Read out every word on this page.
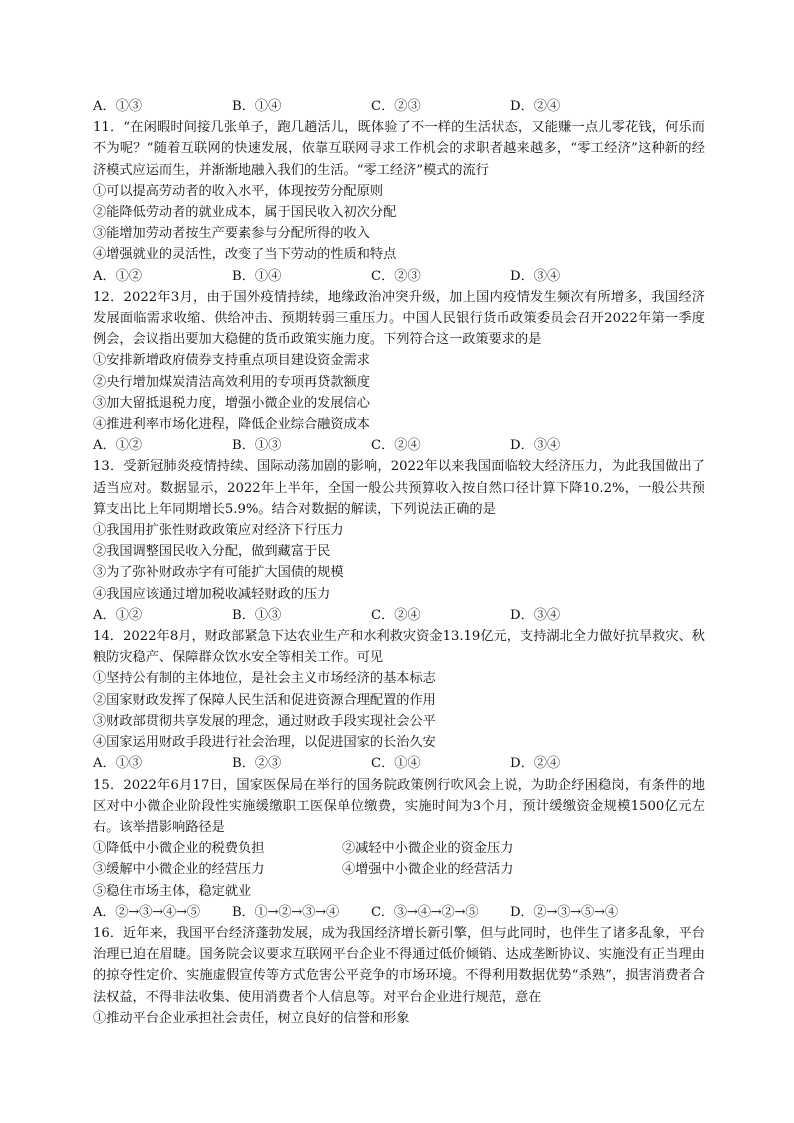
A．①③	B．①④	C．②③	D．②④
11．“在闲暇时间接几张单子，跑几趟活儿，既体验了不一样的生活状态，又能赚一点儿零花钱，何乐而不为呢？”随着互联网的快速发展，依靠互联网寻求工作机会的求职者越来越多，“零工经济”这种新的经济模式应运而生，并渐渐地融入我们的生活。“零工经济”模式的流行
①可以提高劳动者的收入水平，体现按劳分配原则
②能降低劳动者的就业成本，属于国民收入初次分配
③能增加劳动者按生产要素参与分配所得的收入
④增强就业的灵活性，改变了当下劳动的性质和特点
A．①②	B．①④	C．②③	D．③④
12．2022年3月，由于国外疫情持续，地缘政治冲突升级，加上国内疫情发生频次有所增多，我国经济发展面临需求收缩、供给冲击、预期转弱三重压力。中国人民银行货币政策委员会召开2022年第一季度例会，会议指出要加大稳健的货币政策实施力度。下列符合这一政策要求的是
①安排新增政府债券支持重点项目建设资金需求
②央行增加煤炭清洁高效利用的专项再贷款额度
③加大留抵退税力度，增强小微企业的发展信心
④推进利率市场化进程，降低企业综合融资成本
A．①②	B．①③	C．②④	D．③④
13．受新冠肺炎疫情持续、国际动荡加剧的影响，2022年以来我国面临较大经济压力，为此我国做出了适当应对。数据显示，2022年上半年，全国一般公共预算收入按自然口径计算下降10.2%，一般公共预算支出比上年同期增长5.9%。结合对数据的解读，下列说法正确的是
①我国用扩张性财政政策应对经济下行压力
②我国调整国民收入分配，做到藏富于民
③为了弥补财政赤字有可能扩大国债的规模
④我国应该通过增加税收减轻财政的压力
A．①②	B．①③	C．②④	D．③④
14．2022年8月，财政部紧急下达农业生产和水利救灾资金13.19亿元，支持湖北全力做好抗旱救灾、秋粮防灾稳产、保障群众饮水安全等相关工作。可见
①坚持公有制的主体地位，是社会主义市场经济的基本标志
②国家财政发挥了保障人民生活和促进资源合理配置的作用
③财政部贯彻共享发展的理念，通过财政手段实现社会公平
④国家运用财政手段进行社会治理，以促进国家的长治久安
A．①③	B．②③	C．①④	D．②④
15．2022年6月17日，国家医保局在举行的国务院政策例行吹风会上说，为助企纾困稳岗，有条件的地区对中小微企业阶段性实施缓缴职工医保单位缴费，实施时间为3个月，预计缓缴资金规模1500亿元左右。该举措影响路径是
①降低中小微企业的税费负担	②减轻中小微企业的资金压力
③缓解中小微企业的经营压力	④增强中小微企业的经营活力
⑤稳住市场主体，稳定就业
A．②→③→④→⑤	B．①→②→③→④	C．③→④→②→⑤	D．②→③→⑤→④
16．近年来，我国平台经济蓬勃发展，成为我国经济增长新引擎，但与此同时，也伴生了诸多乱象，平台治理已迫在眉睫。国务院会议要求互联网平台企业不得通过低价倾销、达成垄断协议、实施没有正当理由的掠夺性定价、实施虚假宣传等方式危害公平竞争的市场环境。不得利用数据优势“杀熟”，损害消费者合法权益，不得非法收集、使用消费者个人信息等。对平台企业进行规范，意在
①推动平台企业承担社会责任，树立良好的信誉和形象
